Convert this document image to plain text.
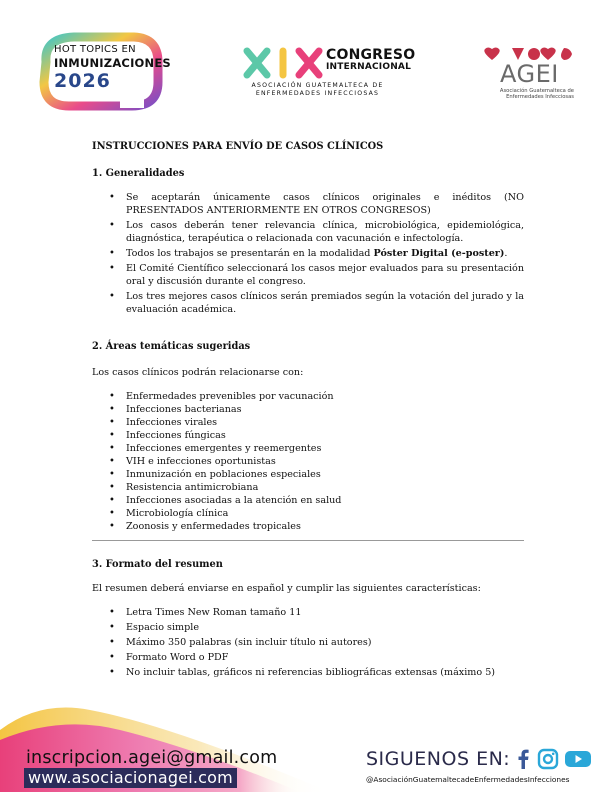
HOT TOPICS EN
INMUNIZACIONES
2026
CONGRESO
INTERNACIONAL
ASOCIACIÓN GUATEMALTECA DE
ENFERMEDADES INFECCIOSAS
AGEI
Asociación Guatemalteca de
Enfermedades Infecciosas
INSTRUCCIONES PARA ENVÍO DE CASOS CLÍNICOS
1. Generalidades
• Se aceptarán únicamente casos clínicos originales e inéditos (NO PRESENTADOS ANTERIORMENTE EN OTROS CONGRESOS)
• Los casos deberán tener relevancia clínica, microbiológica, epidemiológica, diagnóstica, terapéutica o relacionada con vacunación e infectología.
• Todos los trabajos se presentarán en la modalidad Póster Digital (e-poster).
• El Comité Científico seleccionará los casos mejor evaluados para su presentación oral y discusión durante el congreso.
• Los tres mejores casos clínicos serán premiados según la votación del jurado y la evaluación académica.
2. Áreas temáticas sugeridas
Los casos clínicos podrán relacionarse con:
• Enfermedades prevenibles por vacunación
• Infecciones bacterianas
• Infecciones virales
• Infecciones fúngicas
• Infecciones emergentes y reemergentes
• VIH e infecciones oportunistas
• Inmunización en poblaciones especiales
• Resistencia antimicrobiana
• Infecciones asociadas a la atención en salud
• Microbiología clínica
• Zoonosis y enfermedades tropicales
3. Formato del resumen
El resumen deberá enviarse en español y cumplir las siguientes características:
• Letra Times New Roman tamaño 11
• Espacio simple
• Máximo 350 palabras (sin incluir título ni autores)
• Formato Word o PDF
• No incluir tablas, gráficos ni referencias bibliográficas extensas (máximo 5)
inscripcion.agei@gmail.com
www.asociacionagei.com
SIGUENOS EN:
@AsociaciónGuatemaltecadeEnfermedadesInfecciones
